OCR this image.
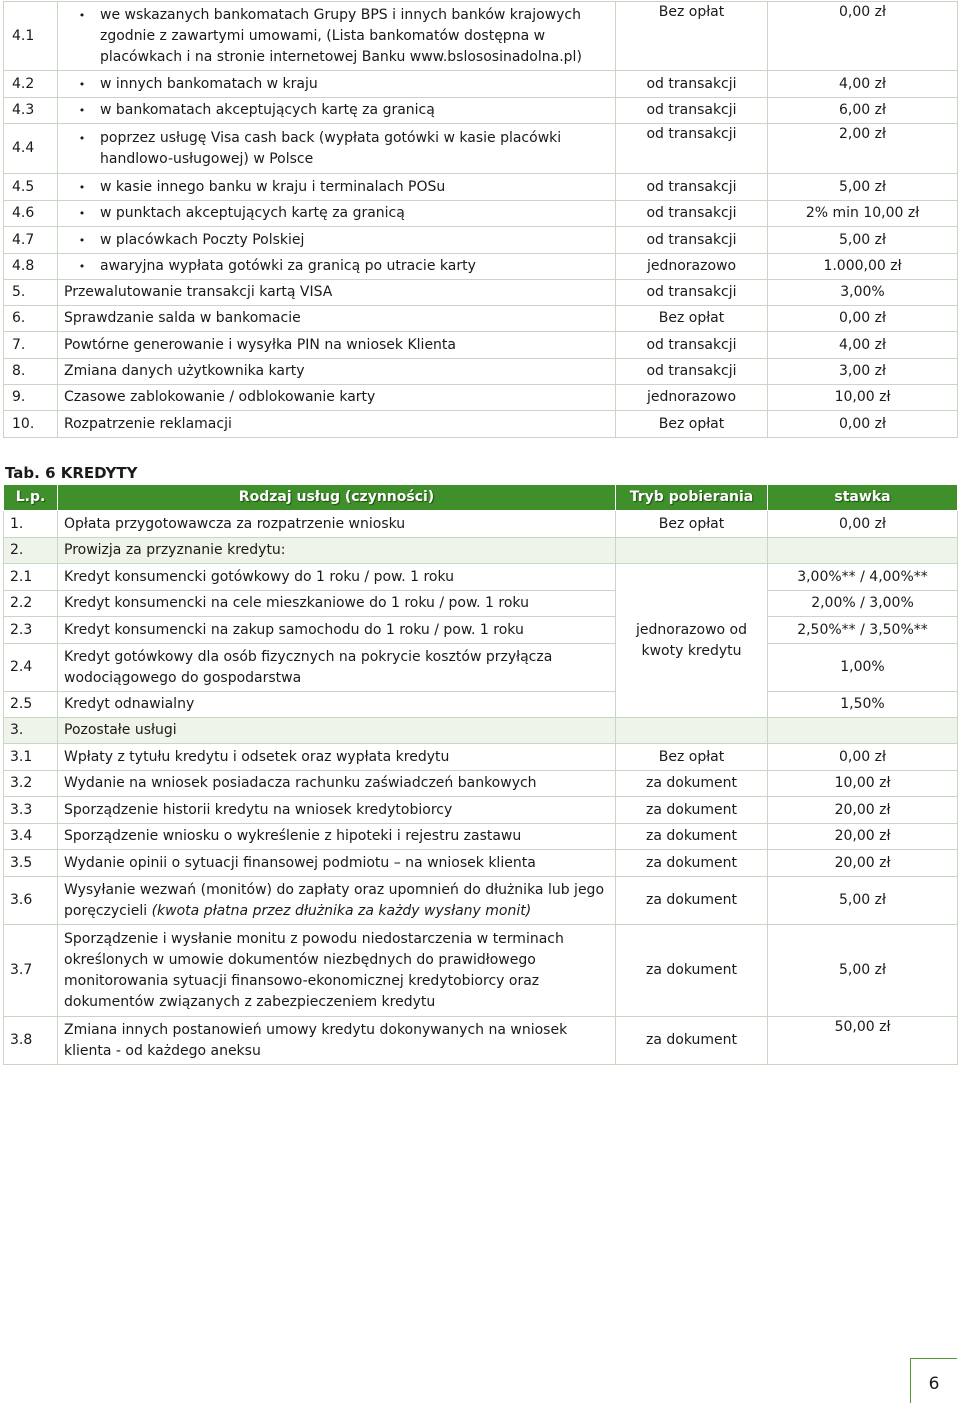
4.1	• we wskazanych bankomatach Grupy BPS i innych banków krajowych zgodnie z zawartymi umowami, (Lista bankomatów dostępna w placówkach i na stronie internetowej Banku www.bslososinadolna.pl)	Bez opłat	0,00 zł
4.2	• w innych bankomatach w kraju	od transakcji	4,00 zł
4.3	• w bankomatach akceptujących kartę za granicą	od transakcji	6,00 zł
4.4	• poprzez usługę Visa cash back (wypłata gotówki w kasie placówki handlowo-usługowej) w Polsce	od transakcji	2,00 zł
4.5	• w kasie innego banku w kraju i terminalach POSu	od transakcji	5,00 zł
4.6	• w punktach akceptujących kartę za granicą	od transakcji	2% min 10,00 zł
4.7	• w placówkach Poczty Polskiej	od transakcji	5,00 zł
4.8	• awaryjna wypłata gotówki za granicą po utracie karty	jednorazowo	1.000,00 zł
5.	Przewalutowanie transakcji kartą VISA	od transakcji	3,00%
6.	Sprawdzanie salda w bankomacie	Bez opłat	0,00 zł
7.	Powtórne generowanie i wysyłka PIN na wniosek Klienta	od transakcji	4,00 zł
8.	Zmiana danych użytkownika karty	od transakcji	3,00 zł
9.	Czasowe zablokowanie / odblokowanie karty	jednorazowo	10,00 zł
10.	Rozpatrzenie reklamacji	Bez opłat	0,00 zł
Tab. 6 KREDYTY
L.p.	Rodzaj usług (czynności)	Tryb pobierania	stawka
1.	Opłata przygotowawcza za rozpatrzenie wniosku	Bez opłat	0,00 zł
2.	Prowizja za przyznanie kredytu:		
2.1	Kredyt konsumencki gotówkowy do 1 roku / pow. 1 roku	jednorazowo od kwoty kredytu	3,00%** / 4,00%**
2.2	Kredyt konsumencki na cele mieszkaniowe do 1 roku / pow. 1 roku		2,00% / 3,00%
2.3	Kredyt konsumencki na zakup samochodu do 1 roku / pow. 1 roku		2,50%** / 3,50%**
2.4	Kredyt gotówkowy dla osób fizycznych na pokrycie kosztów przyłącza wodociągowego do gospodarstwa		1,00%
2.5	Kredyt odnawialny		1,50%
3.	Pozostałe usługi		
3.1	Wpłaty z tytułu kredytu i odsetek oraz wypłata kredytu	Bez opłat	0,00 zł
3.2	Wydanie na wniosek posiadacza rachunku zaświadczeń bankowych	za dokument	10,00 zł
3.3	Sporządzenie historii kredytu na wniosek kredytobiorcy	za dokument	20,00 zł
3.4	Sporządzenie wniosku o wykreślenie z hipoteki i rejestru zastawu	za dokument	20,00 zł
3.5	Wydanie opinii o sytuacji finansowej podmiotu – na wniosek klienta	za dokument	20,00 zł
3.6	Wysyłanie wezwań (monitów) do zapłaty oraz upomnień do dłużnika lub jego poręczycieli (kwota płatna przez dłużnika za każdy wysłany monit)	za dokument	5,00 zł
3.7	Sporządzenie i wysłanie monitu z powodu niedostarczenia w terminach określonych w umowie dokumentów niezbędnych do prawidłowego monitorowania sytuacji finansowo-ekonomicznej kredytobiorcy oraz dokumentów związanych z zabezpieczeniem kredytu	za dokument	5,00 zł
3.8	Zmiana innych postanowień umowy kredytu dokonywanych na wniosek klienta - od każdego aneksu	za dokument	50,00 zł
6
